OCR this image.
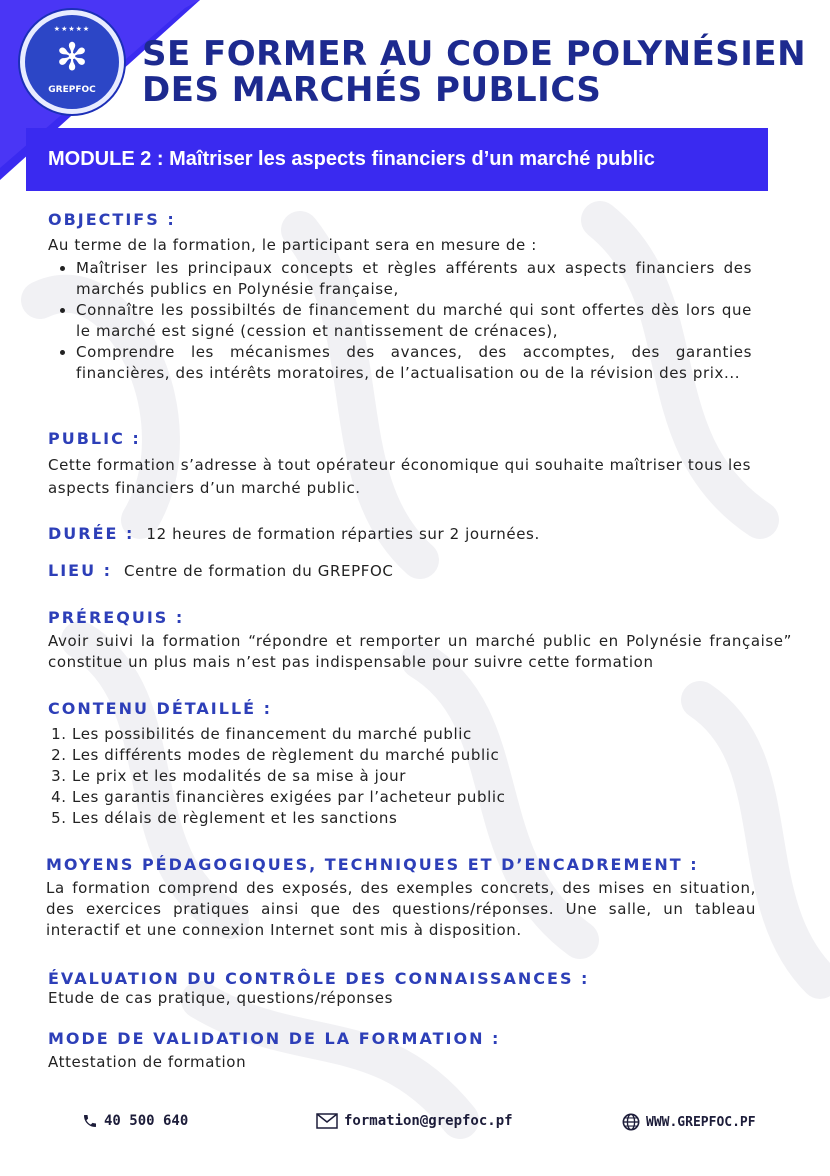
★★★★★
✻
GREPFOC
SE FORMER AU CODE POLYNÉSIEN
DES MARCHÉS PUBLICS
MODULE 2 : Maîtriser les aspects financiers d’un marché public
OBJECTIFS :

Au terme de la formation, le participant sera en mesure de :

• Maîtriser les principaux concepts et règles afférents aux aspects financiers des marchés publics en Polynésie française,
• Connaître les possibiltés de financement du marché qui sont offertes dès lors que le marché est signé (cession et nantissement de crénaces),
• Comprendre les mécanismes des avances, des accomptes, des garanties financières, des intérêts moratoires, de l’actualisation ou de la révision des prix...
PUBLIC :

Cette formation s’adresse à tout opérateur économique qui souhaite maîtriser tous les aspects financiers d’un marché public.

DURÉE : 12 heures de formation réparties sur 2 journées.

LIEU : Centre de formation du GREPFOC

PRÉREQUIS :

Avoir suivi la formation “répondre et remporter un marché public en Polynésie française” constitue un plus mais n’est pas indispensable pour suivre cette formation

CONTENU DÉTAILLÉ :
1. Les possibilités de financement du marché public
2. Les différents modes de règlement du marché public
3. Le prix et les modalités de sa mise à jour
4. Les garantis financières exigées par l’acheteur public
5. Les délais de règlement et les sanctions
MOYENS PÉDAGOGIQUES, TECHNIQUES ET D’ENCADREMENT :

La formation comprend des exposés, des exemples concrets, des mises en situation, des exercices pratiques ainsi que des questions/réponses. Une salle, un tableau interactif et une connexion Internet sont mis à disposition.

ÉVALUATION DU CONTRÔLE DES CONNAISSANCES :

Etude de cas pratique, questions/réponses

MODE DE VALIDATION DE LA FORMATION :

Attestation de formation

40 500 640	formation@grepfoc.pf	WWW.GREPFOC.PF
